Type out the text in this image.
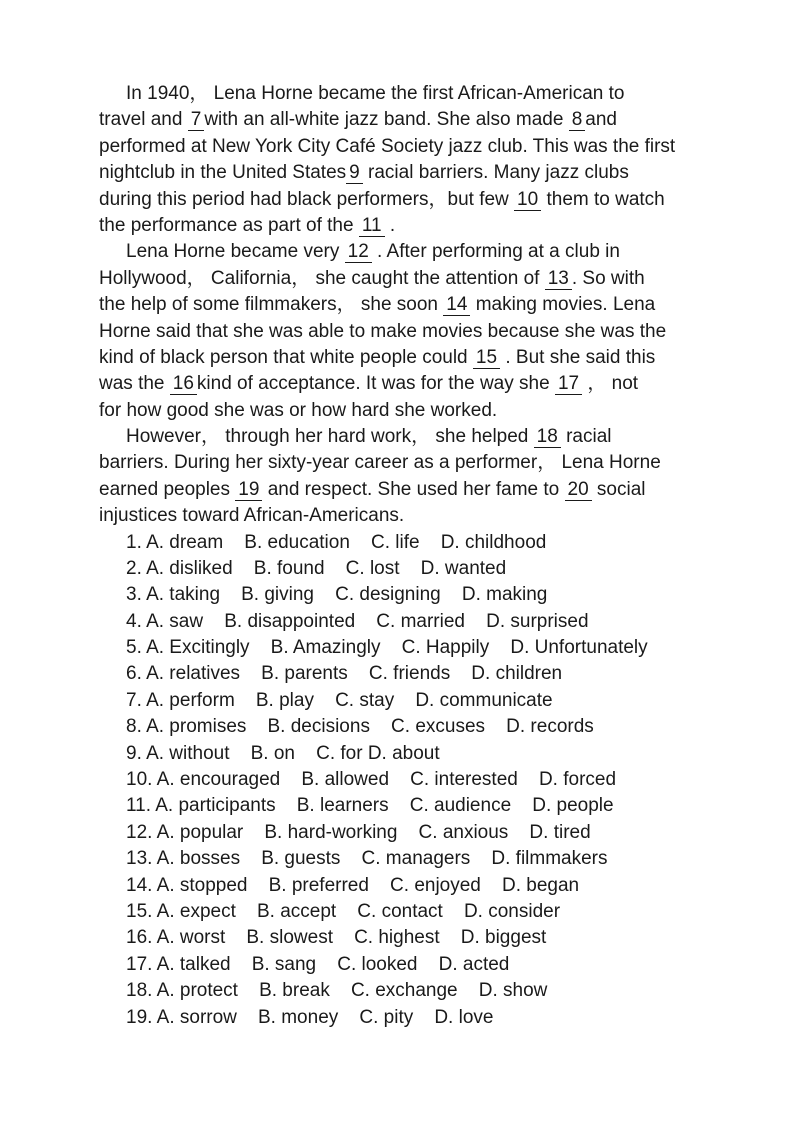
In 1940， Lena Horne became the first African-American to
travel and 7 with an all-white jazz band. She also made 8 and
performed at New York City Café Society jazz club. This was the first
nightclub in the United States 9 racial barriers. Many jazz clubs
during this period had black performers，but few 10 them to watch
the performance as part of the 11 .
Lena Horne became very 12 . After performing at a club in
Hollywood， California， she caught the attention of 13 . So with
the help of some filmmakers， she soon 14 making movies. Lena
Horne said that she was able to make movies because she was the
kind of black person that white people could 15 . But she said this
was the 16 kind of acceptance. It was for the way she 17 ， not
for how good she was or how hard she worked.
However， through her hard work， she helped 18 racial
barriers. During her sixty-year career as a performer， Lena Horne
earned peoples 19 and respect. She used her fame to 20 social
injustices toward African-Americans.
1. A. dream    B. education    C. life    D. childhood
2. A. disliked    B. found    C. lost    D. wanted
3. A. taking    B. giving    C. designing    D. making
4. A. saw    B. disappointed    C. married    D. surprised
5. A. Excitingly    B. Amazingly    C. Happily    D. Unfortunately
6. A. relatives    B. parents    C. friends    D. children
7. A. perform    B. play    C. stay    D. communicate
8. A. promises    B. decisions    C. excuses    D. records
9. A. without    B. on    C. for D. about
10. A. encouraged    B. allowed    C. interested    D. forced
11. A. participants    B. learners    C. audience    D. people
12. A. popular    B. hard-working    C. anxious    D. tired
13. A. bosses    B. guests    C. managers    D. filmmakers
14. A. stopped    B. preferred    C. enjoyed    D. began
15. A. expect    B. accept    C. contact    D. consider
16. A. worst    B. slowest    C. highest    D. biggest
17. A. talked    B. sang    C. looked    D. acted
18. A. protect    B. break    C. exchange    D. show
19. A. sorrow    B. money    C. pity    D. love
